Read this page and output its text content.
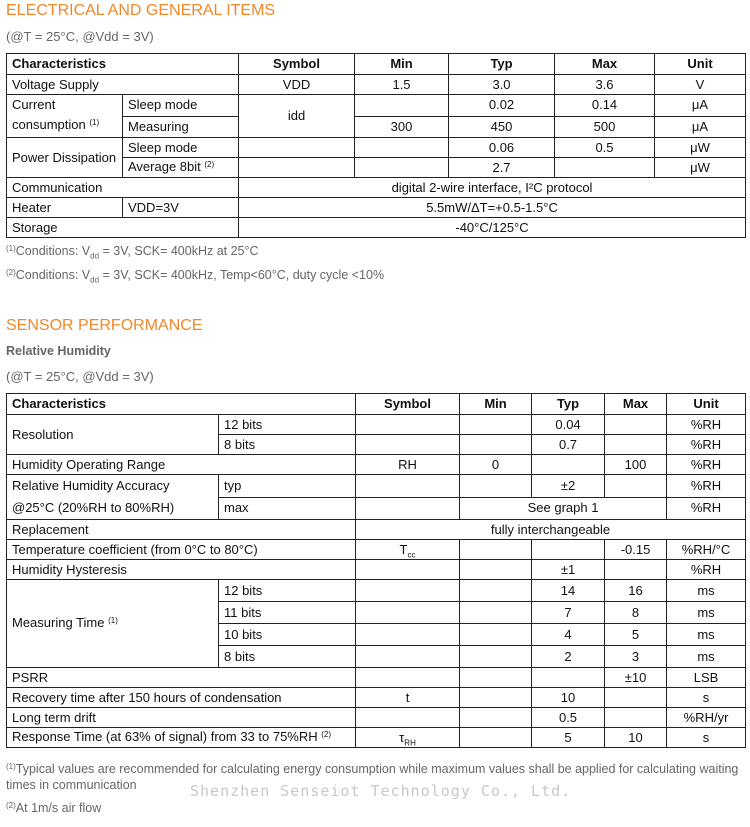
ELECTRICAL AND GENERAL ITEMS
(@T = 25°C, @Vdd = 3V)
Characteristics		Symbol	Min	Typ	Max	Unit
Voltage Supply		VDD	1.5	3.0	3.6	V

Current
consumption $^{(1)}$	Sleep mode	idd		0.02	0.14	μA
	Measuring		300	450	500	μA
Power Dissipation	Sleep mode			0.06	0.5	μW
	Average 8bit $^{(2)}$			2.7		μW
Communication		digital 2-wire interface, I²C protocol				
Heater	VDD=3V	5.5mW/ΔT=+0.5-1.5°C				
Storage		-40°C/125°C				
$^{(1)}$Conditions: $V_{dd} = 3V$, SCK= 400kHz at 25°C
$^{(2)}$Conditions: $V_{dd} = 3V$, SCK= 400kHz, Temp<60°C, duty cycle <10%
SENSOR PERFORMANCE
Relative Humidity
(@T = 25°C, @Vdd = 3V)
Characteristics		Symbol	Min	Typ	Max	Unit
Resolution	12 bits			0.04		%RH
	8 bits			0.7		%RH
Humidity Operating Range		RH	0		100	%RH

Relative Humidity Accuracy
@25°C (20%RH to 80%RH)	typ			±2		%RH
	max		See graph 1			%RH
Replacement		fully interchangeable				
Temperature coefficient (from 0°C to 80°C)		$T_{cc}$			-0.15	%RH/°C
Humidity Hysteresis				±1		%RH
Measuring Time $^{(1)}$	12 bits			14	16	ms
	11 bits			7	8	ms
	10 bits			4	5	ms
	8 bits			2	3	ms
PSRR					±10	LSB
Recovery time after 150 hours of condensation		t		10		s
Long term drift				0.5		%RH/yr
Response Time (at 63% of signal) from 33 to 75%RH $^{(2)}$		$\tau_{RH}$		5	10	s
$^{(1)}$Typical values are recommended for calculating energy consumption while maximum values shall be applied for calculating waiting times in communication
$^{(2)}$At 1m/s air flow
Shenzhen Senseiot Technology Co., Ltd.
